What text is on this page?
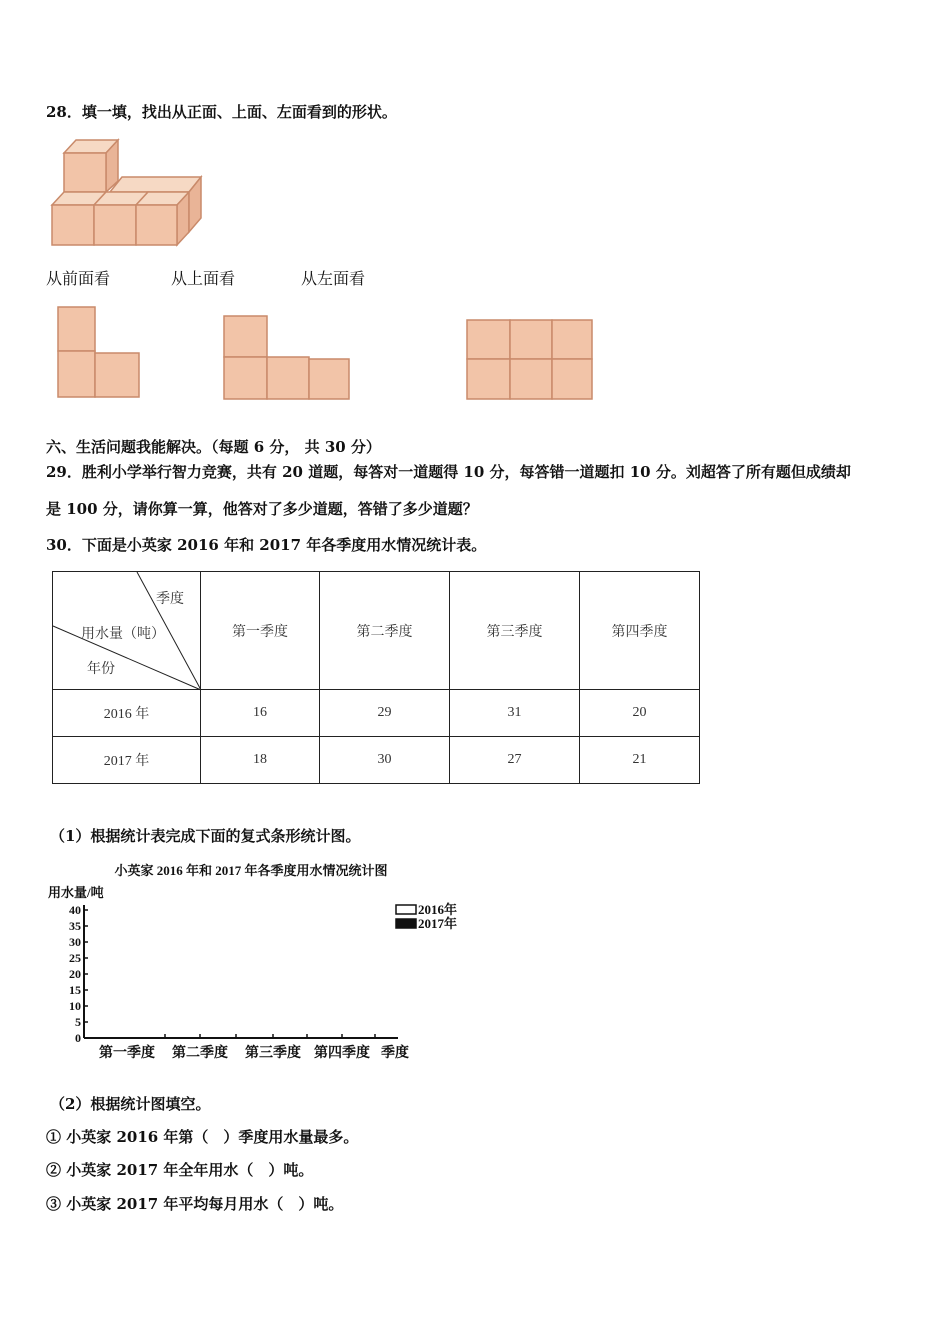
28．填一填，找出从正面、上面、左面看到的形状。
从前面看	从上面看	从左面看
六、生活问题我能解决。（每题 6 分， 共 30 分）
29．胜利小学举行智力竞赛，共有 20 道题，每答对一道题得 10 分，每答错一道题扣 10 分。刘超答了所有题但成绩却
是 100 分，请你算一算，他答对了多少道题，答错了多少道题？
30．下面是小英家 2016 年和 2017 年各季度用水情况统计表。
季度
用水量（吨）
年份	第一季度	第二季度	第三季度	第四季度
2016 年	16	29	31	20
2017 年	18	30	27	21
（1）根据统计表完成下面的复式条形统计图。
小英家 2016 年和 2017 年各季度用水情况统计图
用水量/吨
0
5
10
15
20
25
30
35
40
第一季度 第二季度 第三季度 第四季度 季度
2016年
2017年
（2）根据统计图填空。
① 小英家 2016 年第（　）季度用水量最多。
② 小英家 2017 年全年用水（　）吨。
③ 小英家 2017 年平均每月用水（　）吨。
